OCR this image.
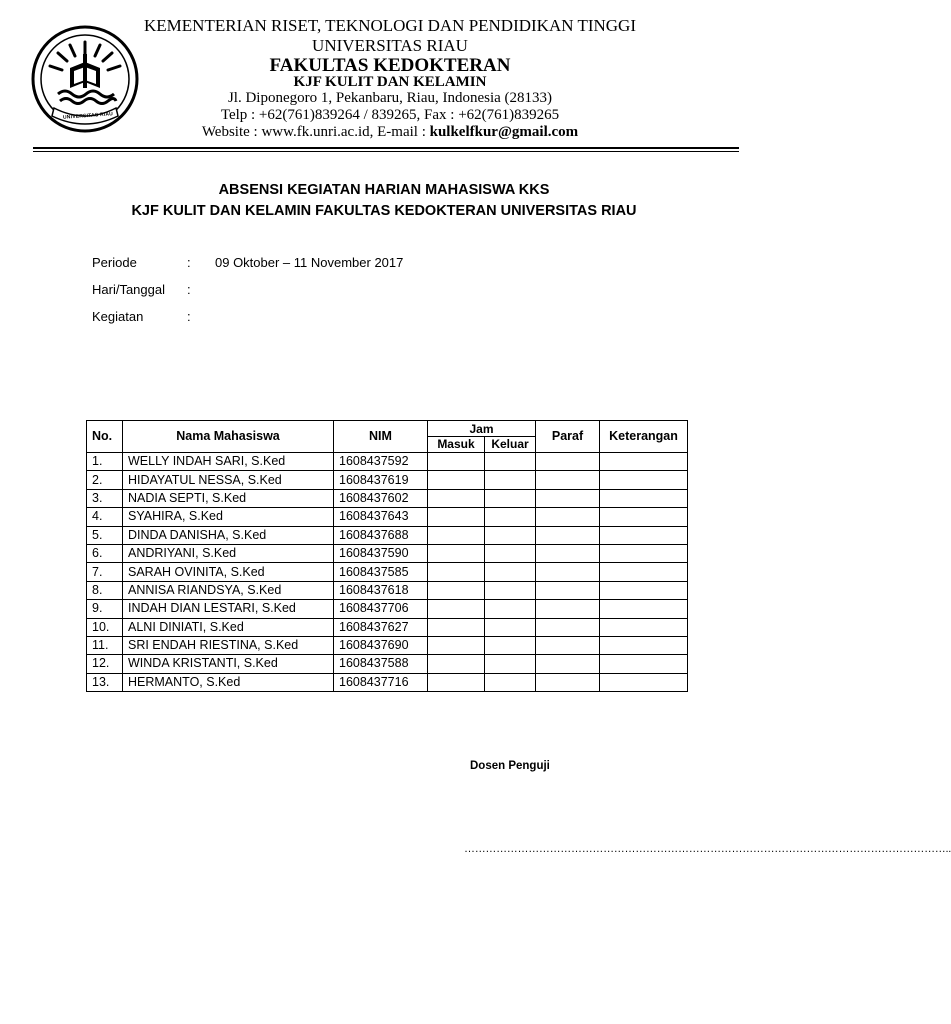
UNIVERSITAS RIAU
KEMENTERIAN RISET, TEKNOLOGI DAN PENDIDIKAN TINGGI
UNIVERSITAS RIAU
FAKULTAS KEDOKTERAN
KJF KULIT DAN KELAMIN
Jl. Diponegoro 1, Pekanbaru, Riau, Indonesia (28133)
Telp : +62(761)839264 / 839265, Fax : +62(761)839265
Website : www.fk.unri.ac.id, E-mail : kulkelfkur@gmail.com
ABSENSI KEGIATAN HARIAN MAHASISWA KKS
KJF KULIT DAN KELAMIN FAKULTAS KEDOKTERAN UNIVERSITAS RIAU
Periode	: 09 Oktober – 11 November 2017
Hari/Tanggal :
Kegiatan	:
No.	Nama Mahasiswa	NIM	Jam		Paraf	Keterangan
			Masuk	Keluar		
1.	WELLY INDAH SARI, S.Ked	1608437592				
2.	HIDAYATUL NESSA, S.Ked	1608437619				
3.	NADIA SEPTI, S.Ked	1608437602				
4.	SYAHIRA, S.Ked	1608437643				
5.	DINDA DANISHA, S.Ked	1608437688				
6.	ANDRIYANI, S.Ked	1608437590				
7.	SARAH OVINITA, S.Ked	1608437585				
8.	ANNISA RIANDSYA, S.Ked	1608437618				
9.	INDAH DIAN LESTARI, S.Ked	1608437706				
10.	ALNI DINIATI, S.Ked	1608437627				
11.	SRI ENDAH RIESTINA, S.Ked	1608437690				
12.	WINDA KRISTANTI, S.Ked	1608437588				
13.	HERMANTO, S.Ked	1608437716				
Dosen Penguji
………………………………………………………………………………………………………………………..
